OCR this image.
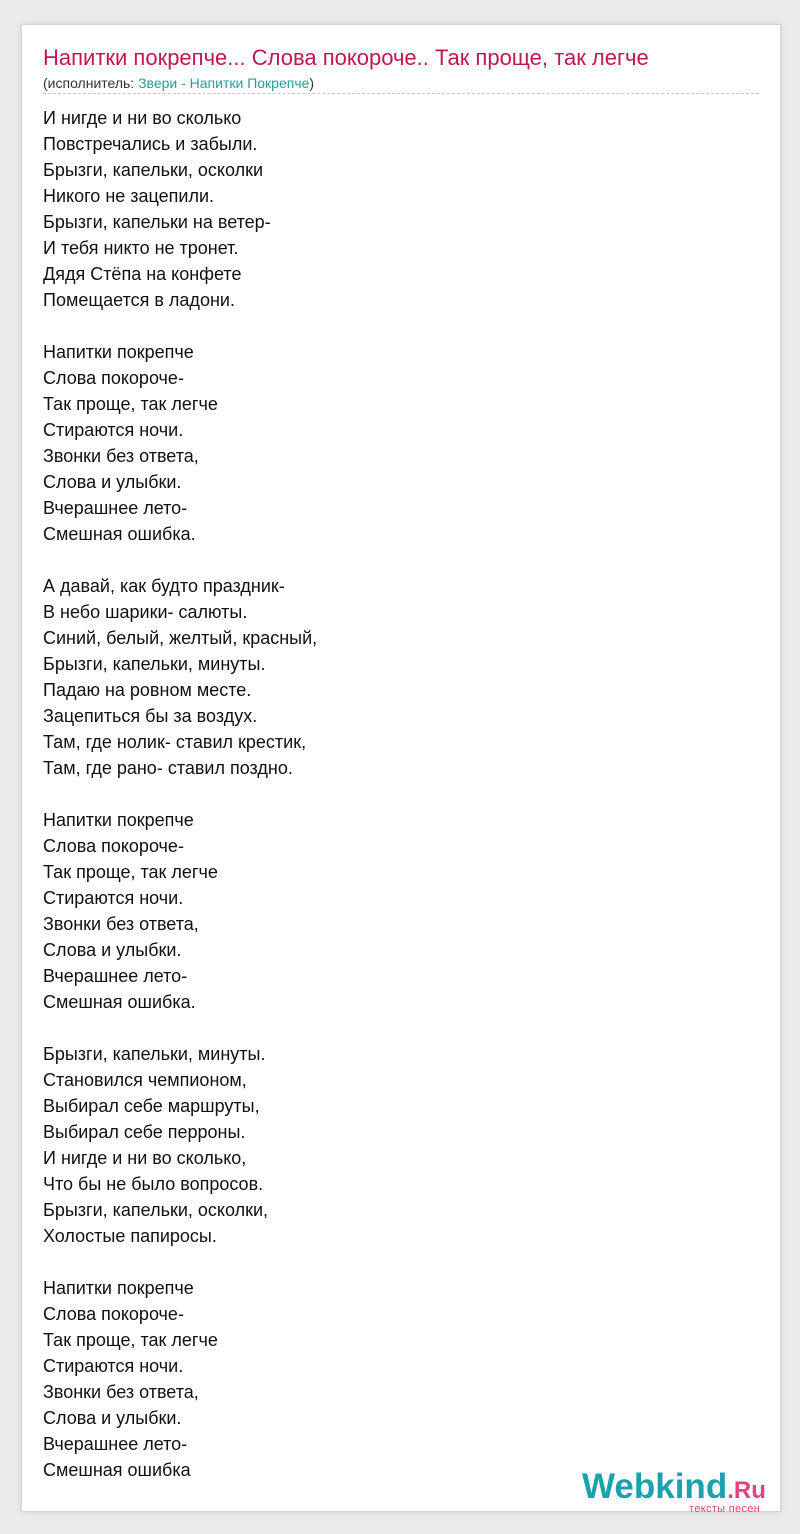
Напитки покрепче... Слова покороче.. Так проще, так легче
(исполнитель: Звери - Напитки Покрепче)
И нигде и ни во сколько
Повстречались и забыли.
Брызги, капельки, осколки
Никого не зацепили.
Брызги, капельки на ветер-
И тебя никто не тронет.
Дядя Стёпа на конфете
Помещается в ладони.
Напитки покрепче
Слова покороче-
Так проще, так легче
Стираются ночи.
Звонки без ответа,
Слова и улыбки.
Вчерашнее лето-
Смешная ошибка.
А давай, как будто праздник-
В небо шарики- салюты.
Синий, белый, желтый, красный,
Брызги, капельки, минуты.
Падаю на ровном месте.
Зацепиться бы за воздух.
Там, где нолик- ставил крестик,
Там, где рано- ставил поздно.
Напитки покрепче
Слова покороче-
Так проще, так легче
Стираются ночи.
Звонки без ответа,
Слова и улыбки.
Вчерашнее лето-
Смешная ошибка.
Брызги, капельки, минуты.
Становился чемпионом,
Выбирал себе маршруты,
Выбирал себе перроны.
И нигде и ни во сколько,
Что бы не было вопросов.
Брызги, капельки, осколки,
Холостые папиросы.
Напитки покрепче
Слова покороче-
Так проще, так легче
Стираются ночи.
Звонки без ответа,
Слова и улыбки.
Вчерашнее лето-
Смешная ошибка	Webkind.Ru
тексты песен
